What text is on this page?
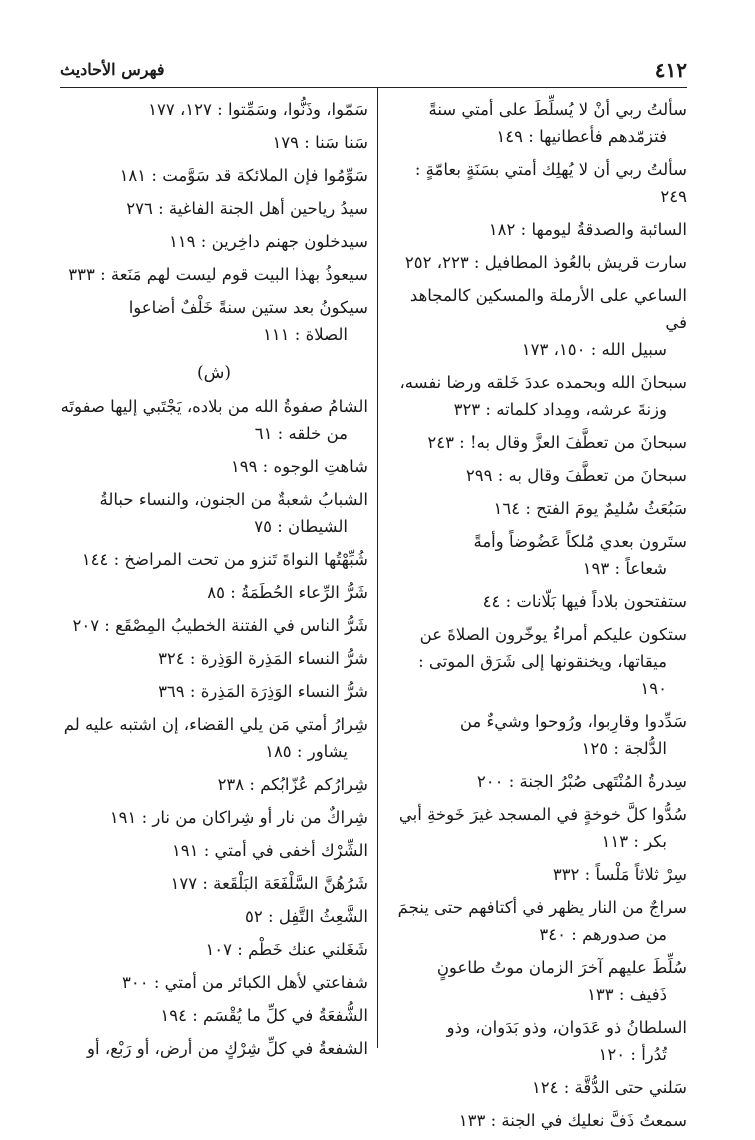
٤١٢
فهرس الأحاديث
سألتُ ربي أنْ لا يُسلِّطَ على أمتي سنةً
فتزمّدهم فأعطانيها : ١٤٩
سألتُ ربي أن لا يُهلِك أمتي بسَنَةٍ بعامّةٍ : ٢٤٩
السائبة والصدقةُ ليومها : ١٨٢
سارت قريش بالعُوذ المطافيل : ٢٢٣، ٢٥٢
الساعي على الأرملة والمسكين كالمجاهد في
سبيل الله : ١٥٠، ١٧٣
سبحانَ الله وبحمده عددَ خَلقه ورضا نفسه،
وزنةَ عرشه، ومِداد كلماته : ٣٢٣
سبحانَ من تعطَّفَ العزَّ وقال به! : ٢٤٣
سبحانَ من تعطَّفَ وقال به : ٢٩٩
سَبُعَثُ سُليمٌ يومَ الفتح : ١٦٤
ستَرون بعدي مُلكاً عَضُوضاً وأمةً
شعاعاً : ١٩٣
ستفتحون بلاداً فيها بَلّانات : ٤٤
ستكون عليكم أمراءُ يوخّرون الصلاةَ عن
ميقاتها، ويخنقونها إلى شَرَق الموتى : ١٩٠
سَدِّدوا وقارِبوا، ورُوحوا وشيءٌ من
الدُّلجة : ١٢٥
سِدرةُ المُنْتَهى صُبْرُ الجنة : ٢٠٠
سُدُّوا كلَّ خوخةٍ في المسجد غيرَ خَوخةِ أبي
بكر : ١١٣
سِرْ ثلاثاً مَلْساً : ٣٣٢
سراجٌ من النار يظهر في أكتافهم حتى ينجمَ
من صدورهم : ٣٤٠
سُلِّطَ عليهم آخرَ الزمان موتُ طاعونٍ
ذَفيف : ١٣٣
السلطانُ ذو عَدَوان، وذو بَدَوان، وذو
تُدُرأ : ١٢٠
سَلني حتى الدُّقَّة : ١٢٤
سمعتُ ذَفَّ نعليك في الجنة : ١٣٣
سَمّوا، وذَنُّوا، وسَمِّتوا : ١٢٧، ١٧٧
سَنا سَنا : ١٧٩
سَوِّمُوا فإن الملائكة قد سَوَّمت : ١٨١
سيدُ رياحين أهل الجنة الفاغية : ٢٧٦
سيدخلون جهنم داخِرين : ١١٩
سيعوذُ بهذا البيت قوم ليست لهم مَنَعة : ٣٣٣
سيكونُ بعد ستين سنةً خَلْفٌ أضاعوا
الصلاة : ١١١
(ش)
الشامُ صفوةُ الله من بلاده، يَجْتَبي إليها صفوتَه
من خلقه : ٦١
شاهتِ الوجوه : ١٩٩
الشبابُ شعبةٌ من الجنون، والنساء حبالةُ
الشيطان : ٧٥
شُبِّهْتُها النواةَ تَنزو من تحت المراضخ : ١٤٤
شَرُّ الرِّعاء الحُطَمَةُ : ٨٥
شَرُّ الناس في الفتنة الخطيبُ المِصْقَع : ٢٠٧
شرُّ النساء المَذِرة الوَذِرة : ٣٢٤
شرُّ النساء الوَذِرَة المَذِرة : ٣٦٩
شِرارُ أمتي مَن يلي القضاء، إن اشتبه عليه لم
يشاور : ١٨٥
شِرارُكم عُزّابُكم : ٢٣٨
شِراكٌ من نار أو شِراكان من نار : ١٩١
الشِّرْك أخفى في أمتي : ١٩١
شَرُهُنَّ السَّلْفَعَة البَلْقَعة : ١٧٧
الشَّعِثُ التَّفِل : ٥٢
شَغَلني عنك خَطْم : ١٠٧
شفاعتي لأهل الكبائر من أمتي : ٣٠٠
الشُّفعَةُ في كلِّ ما يُقْسَم : ١٩٤
الشفعةُ في كلِّ شِرْكٍ من أرض، أو رَبْع، أو
